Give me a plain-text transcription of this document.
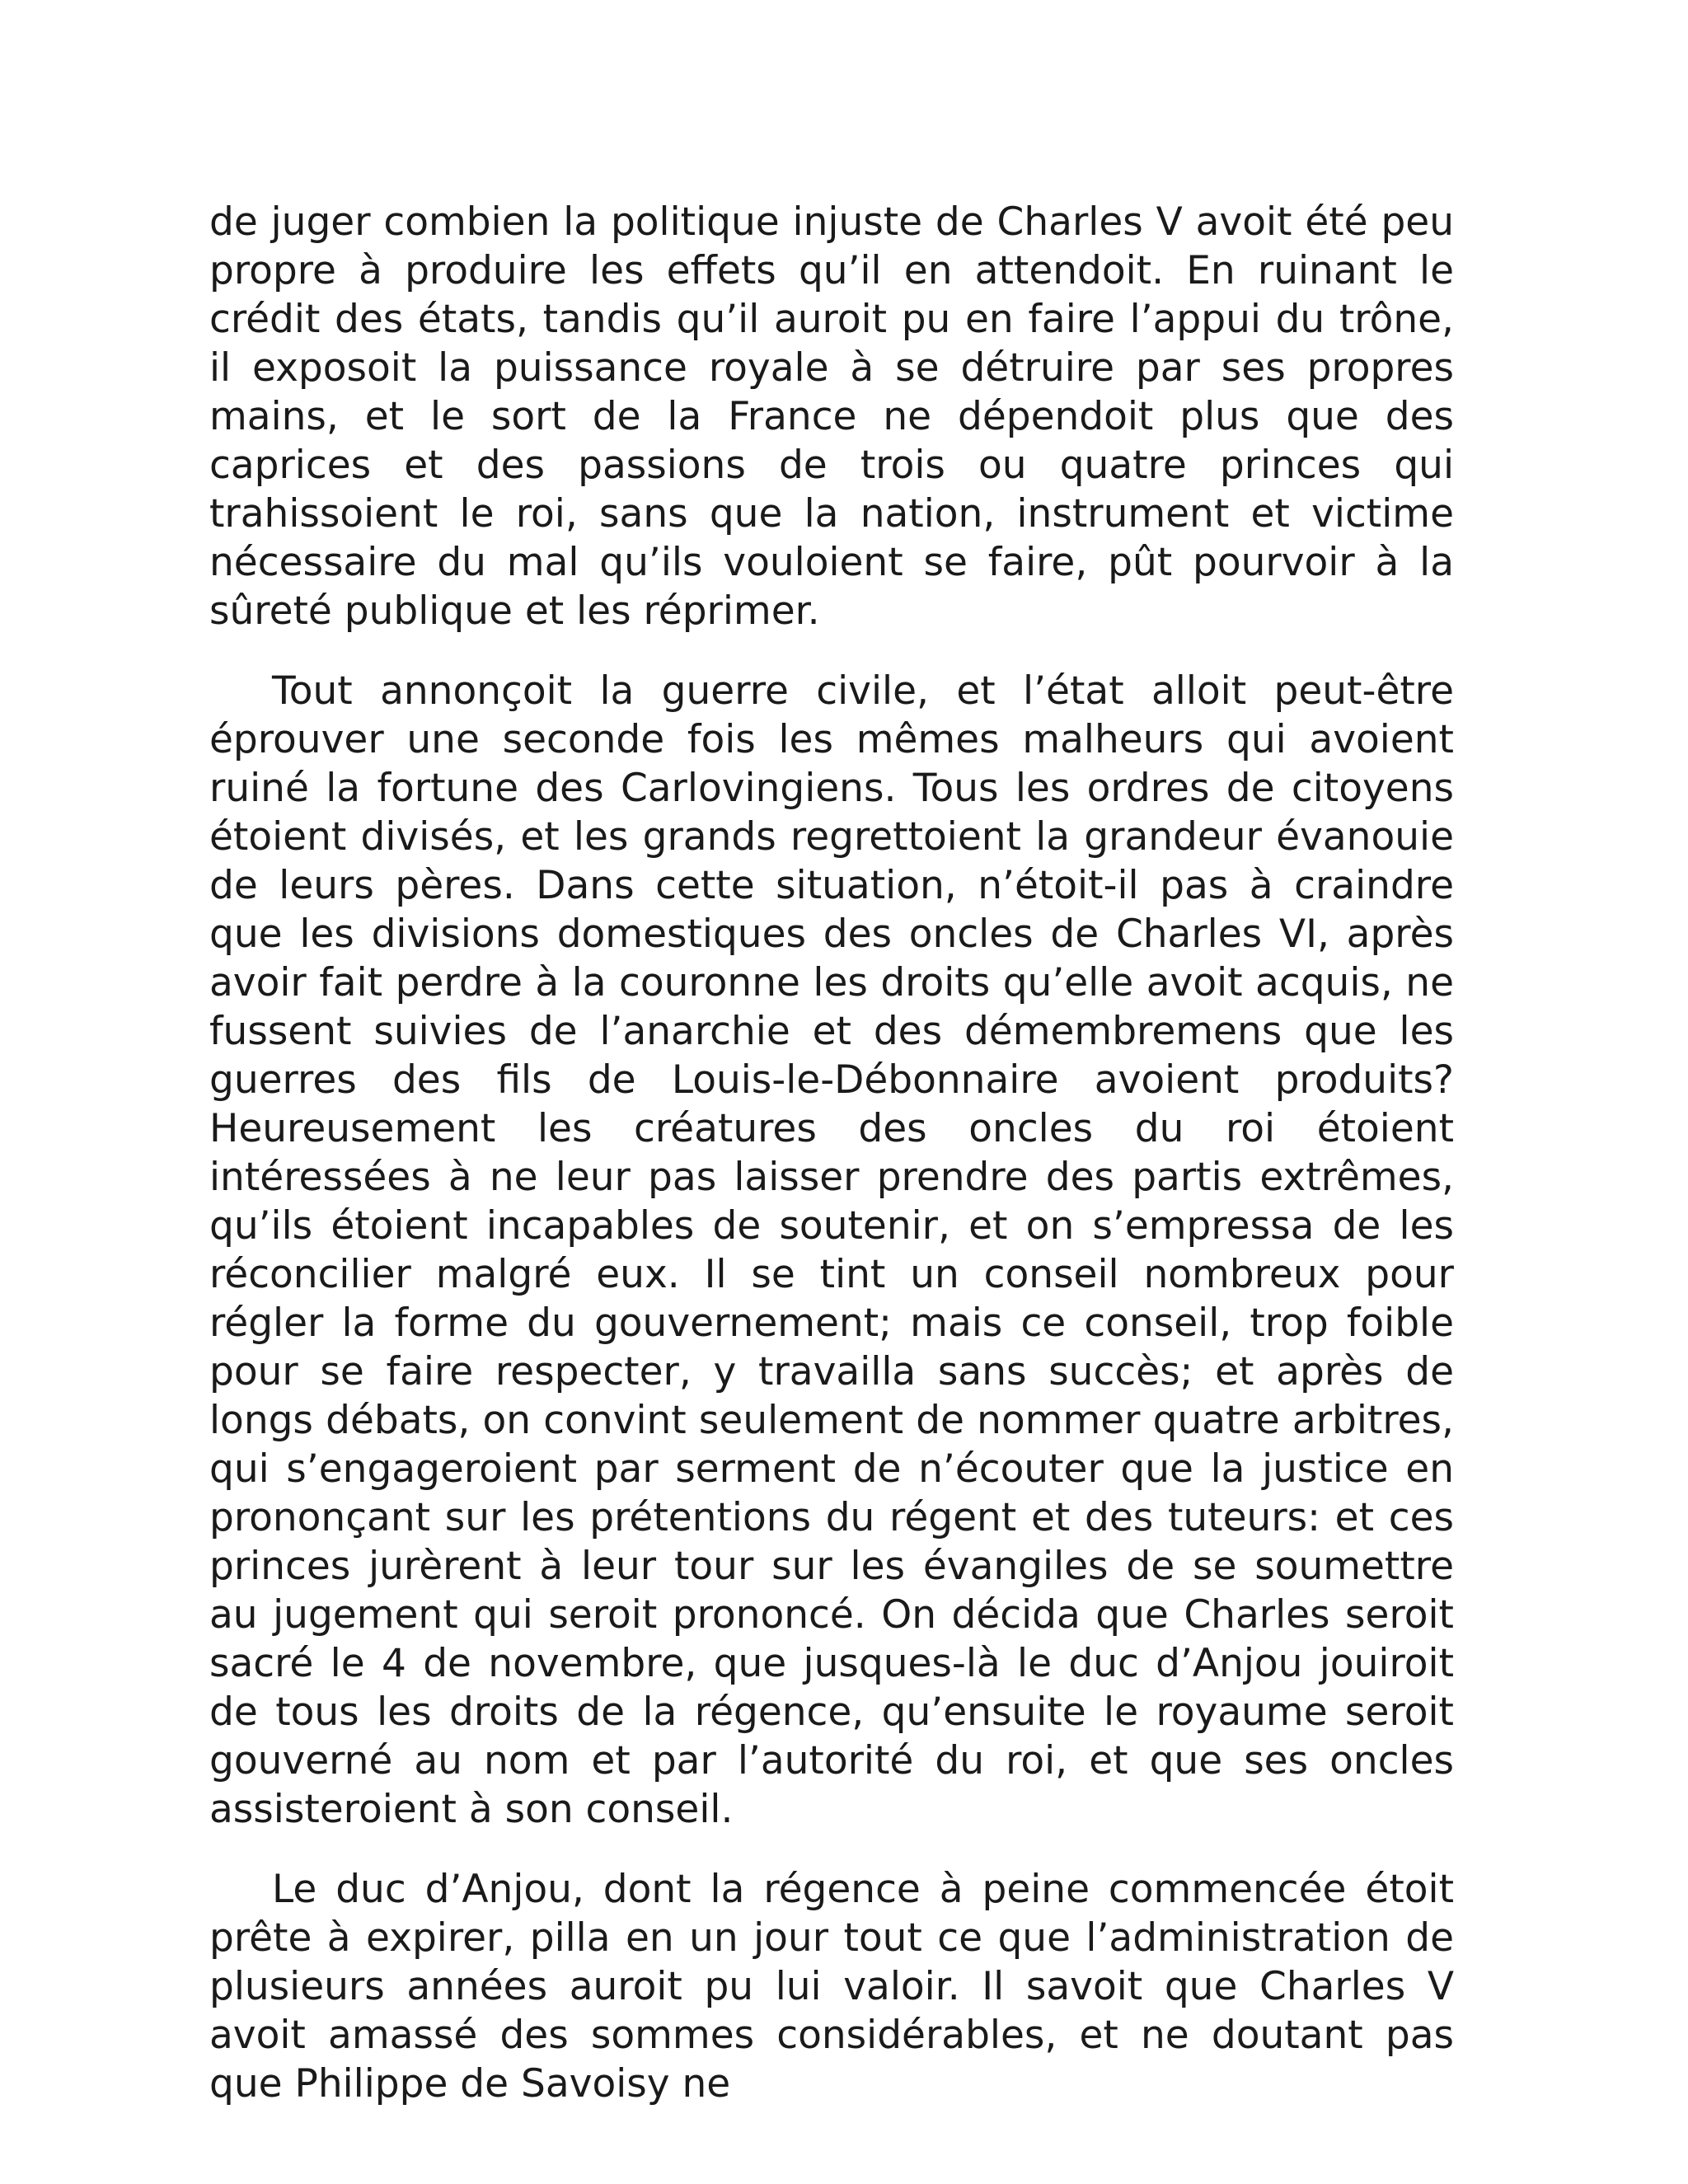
de juger combien la politique injuste de Charles V avoit été peu propre à produire les effets qu’il en attendoit. En ruinant le crédit des états, tandis qu’il auroit pu en faire l’appui du trône, il exposoit la puissance royale à se détruire par ses propres mains, et le sort de la France ne dépendoit plus que des caprices et des passions de trois ou quatre princes qui trahissoient le roi, sans que la nation, instrument et victime nécessaire du mal qu’ils vouloient se faire, pût pourvoir à la sûreté publique et les réprimer.

Tout annonçoit la guerre civile, et l’état alloit peut-être éprouver une seconde fois les mêmes malheurs qui avoient ruiné la fortune des Carlovingiens. Tous les ordres de citoyens étoient divisés, et les grands regrettoient la grandeur évanouie de leurs pères. Dans cette situation, n’étoit-il pas à craindre que les divisions domestiques des oncles de Charles VI, après avoir fait perdre à la couronne les droits qu’elle avoit acquis, ne fussent suivies de l’anarchie et des démembremens que les guerres des fils de Louis-le-Débonnaire avoient produits? Heureusement les créatures des oncles du roi étoient intéressées à ne leur pas laisser prendre des partis extrêmes, qu’ils étoient incapables de soutenir, et on s’empressa de les réconcilier malgré eux. Il se tint un conseil nombreux pour régler la forme du gouvernement; mais ce conseil, trop foible pour se faire respecter, y travailla sans succès; et après de longs débats, on convint seulement de nommer quatre arbitres, qui s’engageroient par serment de n’écouter que la justice en prononçant sur les prétentions du régent et des tuteurs: et ces princes jurèrent à leur tour sur les évangiles de se soumettre au jugement qui seroit prononcé. On décida que Charles seroit sacré le 4 de novembre, que jusques-là le duc d’Anjou jouiroit de tous les droits de la régence, qu’ensuite le royaume seroit gouverné au nom et par l’autorité du roi, et que ses oncles assisteroient à son conseil.

Le duc d’Anjou, dont la régence à peine commencée étoit prête à expirer, pilla en un jour tout ce que l’administration de plusieurs années auroit pu lui valoir. Il savoit que Charles V avoit amassé des sommes considérables, et ne doutant pas que Philippe de Savoisy ne
